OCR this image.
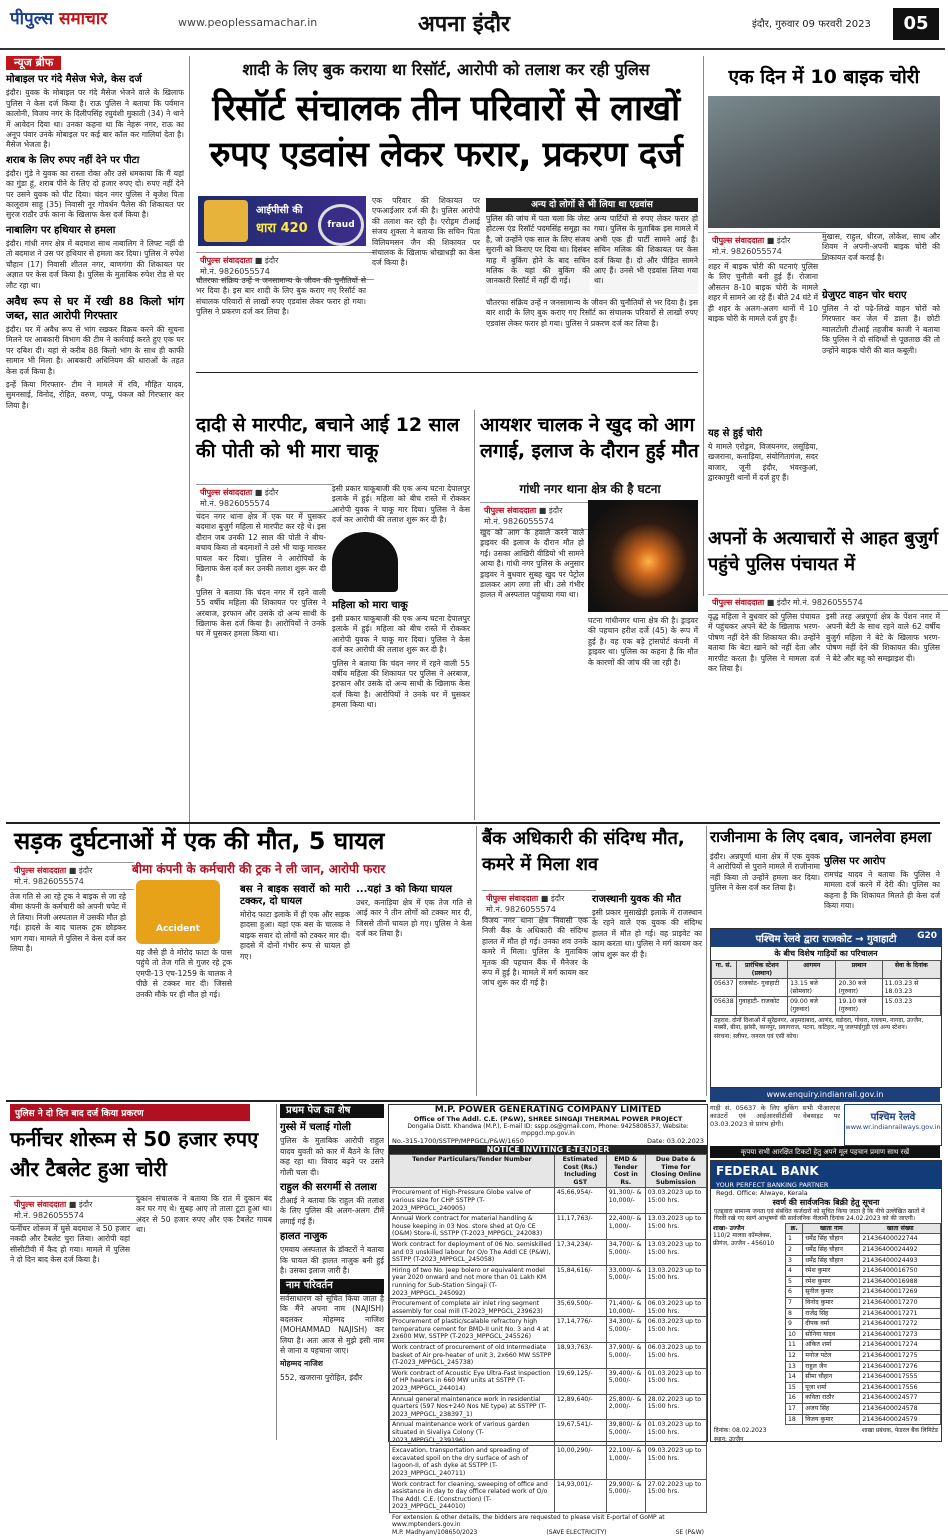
पीपुल्स समाचार	www.peoplessamachar.in	अपना इंदौर	इंदौर, गुरुवार 09 फरवरी 2023	05
न्यूज ब्रीफ
मोबाइल पर गंदे मैसेज भेजे, केस दर्ज

इंदौर। युवक के मोबाइल पर गंदे मैसेज भेजने वाले के खिलाफ पुलिस ने केस दर्ज किया है। राऊ पुलिस ने बताया कि पर्वमान कालोनी, विजय नगर के दिलीपसिंह रघुवंशी मुकाती (34) ने थाने में आवेदन दिया था। उनका कहना था कि नेहरू नगर, राऊ का अनूप पंवार उनके मोबाइल पर कई बार कॉल कर गालियां देता है। मैसेज भेजता है।

शराब के लिए रुपए नहीं देने पर पीटा

इंदौर। गुंडे ने युवक का रास्ता रोका और उसे धमकाया कि मैं यहां का गुंडा हूं, शराब पीने के लिए दो हजार रुपए दो। रुपए नहीं देने पर उसने युवक को पीट दिया। चंदन नगर पुलिस ने बृजेश पिता कालूराम साहू (35) निवासी नूर गोवर्धन पैलेस की शिकायत पर सुरज राठौर उर्फ काना के खिलाफ केस दर्ज किया है।

नाबालिग पर हथियार से हमला

इंदौर। गांधी नगर क्षेत्र में बदमाश साथ नाबालिग ने लिफ्ट नहीं दी तो बदमाश ने उस पर हथियार से हमला कर दिया। पुलिस ने रुपेश चौहान (17) निवासी शीतल नगर, बाणगंगा की शिकायत पर अज्ञात पर केस दर्ज किया है। पुलिस के मुताबिक रुपेश रोड से घर लौट रहा था।

अवैध रूप से घर में रखी 88 किलो भांग जब्त, सात आरोपी गिरफ्तार

इंदौर। घर में अवैध रूप से भांग रखकर विक्रय करने की सूचना मिलने पर आबकारी विभाग की टीम ने कार्रवाई करते हुए एक घर पर दबिश दी। यहां से करीब 88 किलो भांग के साथ ही काफी सामान भी मिला है। आबकारी अधिनियम की धाराओं के तहत केस दर्ज किया है।

इन्हें किया गिरफ्तार- टीम ने मामले में रवि, मौहित यादव, सुमनसाई, विनोद, रोहित, वरुण, पप्पू, पंकज को गिरफ्तार कर लिया है।

शादी के लिए बुक कराया था रिसॉर्ट, आरोपी को तलाश कर रही पुलिस
रिसॉर्ट संचालक तीन परिवारों से लाखों रुपए एडवांस लेकर फरार, प्रकरण दर्ज
आईपीसी की
धारा 420	fraud
पीपुल्स संवाददाता ■ इंदौर
मो.नं. 9826055574
चौतरफा संक्रिय उन्हें न जनसामान्य के जीवन की चुनौतियों से भर दिया है। इस बार शादी के लिए बुक कराए गए रिसॉर्ट का संचालक परिवारों से लाखों रुपए एडवांस लेकर फरार हो गया। पुलिस ने प्रकरण दर्ज कर लिया है।
एक परिवार की शिकायत पर एफआईआर दर्ज की है। पुलिस आरोपी की तलाश कर रही है। एरोड्रम टीआई संजय शुक्ला ने बताया कि सचिन पिता विलियमसन जैन की शिकायत पर संचालक के खिलाफ धोखाधड़ी का केस दर्ज किया है।
अन्य दो लोगों से भी लिया था एडवांस
पुलिस की जांच में पता चला कि जेस्ट होटल्स एंड रिसॉर्ट पदमसिंह समूहा का है, जो उन्होंने एक साल के लिए संजय सुरानी को किराए पर दिया था। दिसंबर माह में बुकिंग होने के बाद सचिन मलिक के यहां की बुकिंग की जानकारी रिसॉर्ट में नहीं दी गई।
अन्य पार्टियों से रुपए लेकर फरार हो गया। पुलिस के मुताबिक इस मामले में अभी एक ही पार्टी सामने आई है। सचिन मलिक की शिकायत पर केस दर्ज किया है। दो और पीड़ित सामने आए हैं। उनसे भी एडवांस लिया गया था।
चौतरफा संक्रिय उन्हें न जनसामान्य के जीवन की चुनौतियों से भर दिया है। इस बार शादी के लिए बुक कराए गए रिसॉर्ट का संचालक परिवारों से लाखों रुपए एडवांस लेकर फरार हो गया। पुलिस ने प्रकरण दर्ज कर लिया है।
एक दिन में 10 बाइक चोरी
पीपुल्स संवाददाता ■ इंदौर
मो.नं. 9826055574
शहर में बाइक चोरी की घटनाएं पुलिस के लिए चुनौती बनी हुई हैं। रोजाना औसतन 8-10 बाइक चोरी के मामले शहर में सामने आ रहे हैं। बीते 24 घंटे में ही शहर के अलग-अलग थानों में 10 बाइक चोरी के मामले दर्ज हुए हैं।
मुखास, राहुल, धीरज, लोकेश, साथ और शिवम ने अपनी-अपनी बाइक चोरी की शिकायत दर्ज कराई है।
ग्रेजुएट वाहन चोर धराए

पुलिस ने दो पढ़े-लिखे वाहन चोरों को गिरफ्तार कर जेल में डाला है। छोटी ग्वालटोली टीआई तहजीब काजी ने बताया कि पुलिस ने दो संदिग्धों से पूछताछ की तो उन्होंने बाइक चोरी की बात कबूली।

यह से हुई चोरी

ये मामले एरोड्रम, विजयनगर, लसूड़िया, खजराना, कनाड़िया, संयोगितागंज, सदर बाजार, जूनी इंदौर, भंवरकुआं, द्वारकापुरी थानों में दर्ज हुए हैं।

दादी से मारपीट, बचाने आई 12 साल की पोती को भी मारा चाकू
पीपुल्स संवाददाता ■ इंदौर
मो.नं. 9826055574

चंदन नगर थाना क्षेत्र में एक घर में घुसकर बदमाश बुजुर्ग महिला से मारपीट कर रहे थे। इस दौरान जब उनकी 12 साल की पोती ने बीच-बचाव किया तो बदमाशों ने उसे भी चाकू मारकर घायल कर दिया। पुलिस ने आरोपियों के खिलाफ केस दर्ज कर उनकी तलाश शुरू कर दी है।

पुलिस ने बताया कि चंदन नगर में रहने वाली 55 वर्षीय महिला की शिकायत पर पुलिस ने अरबाज, इरफान और उसके दो अन्य साथी के खिलाफ केस दर्ज किया है। आरोपियों ने उनके घर में घुसकर हमला किया था।

इसी प्रकार चाकूबाजी की एक अन्य घटना देपालपुर इलाके में हुई। महिला को बीच रास्ते में रोककर आरोपी युवक ने चाकू मार दिया। पुलिस ने केस दर्ज कर आरोपी की तलाश शुरू कर दी है।
महिला को मारा चाकू

इसी प्रकार चाकूबाजी की एक अन्य घटना देपालपुर इलाके में हुई। महिला को बीच रास्ते में रोककर आरोपी युवक ने चाकू मार दिया। पुलिस ने केस दर्ज कर आरोपी की तलाश शुरू कर दी है।

पुलिस ने बताया कि चंदन नगर में रहने वाली 55 वर्षीय महिला की शिकायत पर पुलिस ने अरबाज, इरफान और उसके दो अन्य साथी के खिलाफ केस दर्ज किया है। आरोपियों ने उनके घर में घुसकर हमला किया था।

आयशर चालक ने खुद को आग लगाई, इलाज के दौरान हुई मौत
गांधी नगर थाना क्षेत्र की है घटना
पीपुल्स संवाददाता ■ इंदौर
मो.नं. 9826055574
खुद को आग के हवाले करने वाले ड्राइवर की इलाज के दौरान मौत हो गई। उसका आखिरी वीडियो भी सामने आया है। गांधी नगर पुलिस के अनुसार ड्राइवर ने बुधवार सुबह खुद पर पेट्रोल डालकर आग लगा ली थी। उसे गंभीर हालत में अस्पताल पहुंचाया गया था।
घटना गांधीनगर थाना क्षेत्र की है। ड्राइवर की पहचान हरीश दर्जे (45) के रूप में हुई है। वह एक बड़े ट्रांसपोर्ट कंपनी में ड्राइवर था। पुलिस का कहना है कि मौत के कारणों की जांच की जा रही है।
अपनों के अत्याचारों से आहत बुजुर्ग पहुंचे पुलिस पंचायत में
पीपुल्स संवाददाता ■ इंदौर मो.नं. 9826055574
वृद्ध महिला ने बुधवार को पुलिस पंचायत में पहुंचकर अपने बेटे के खिलाफ भरण-पोषण नहीं देने की शिकायत की। उन्होंने बताया कि बेटा खाने को नहीं देता और मारपीट करता है। पुलिस ने मामला दर्ज कर लिया है।
इसी तरह अन्नपूर्णा क्षेत्र के पेंशन नगर में अपनी बेटी के साथ रहने वाले 62 वर्षीय बुजुर्ग महिला ने बेटे के खिलाफ भरण-पोषण नहीं देने की शिकायत की। पुलिस ने बेटे और बहू को समझाइश दी।
सड़क दुर्घटनाओं में एक की मौत, 5 घायल
बीमा कंपनी के कर्मचारी की ट्रक ने ली जान, आरोपी फरार
पीपुल्स संवाददाता ■ इंदौर
मो.नं. 9826055574
Accident
तेज गति से आ रहे ट्रक ने बाइक से जा रहे बीमा कंपनी के कर्मचारी को अपनी चपेट में ले लिया। निजी अस्पताल में उसकी मौत हो गई। हादसे के बाद चालक ट्रक छोड़कर भाग गया। मामले में पुलिस ने केस दर्ज कर लिया है।	यह जैसे ही वे मोरोद फाटा के पास पहुंचे तो तेज गति से गुजर रहे ट्रक एमपी-13 एच-1259 के चालक ने पीछे से टक्कर मार दी। जिससे उनकी मौके पर ही मौत हो गई।
बस ने बाइक सवारों को मारी टक्कर, दो घायल

मोरोद फाटा इलाके में ही एक और सड़क हादसा हुआ। यहां एक बस के चालक ने बाइक सवार दो लोगों को टक्कर मार दी। हादसे में दोनों गंभीर रूप से घायल हो गए।

...यहां 3 को किया घायल

उधर, कनाड़िया क्षेत्र में एक तेज गति से आई कार ने तीन लोगों को टक्कर मार दी, जिससे तीनों घायल हो गए। पुलिस ने केस दर्ज कर लिया है।

बैंक अधिकारी की संदिग्ध मौत, कमरे में मिला शव
पीपुल्स संवाददाता ■ इंदौर
मो.नं. 9826055574
विजय नगर थाना क्षेत्र निवासी एक निजी बैंक के अधिकारी की संदिग्ध हालत में मौत हो गई। उनका शव उनके कमरे में मिला। पुलिस के मुताबिक मृतक की पहचान बैंक में मैनेजर के रूप में हुई है। मामले में मर्ग कायम कर जांच शुरू कर दी गई है।
राजस्थानी युवक की मौत

इसी प्रकार मुसाखेड़ी इलाके में राजस्थान के रहने वाले एक युवक की संदिग्ध हालत में मौत हो गई। वह प्राइवेट का काम करता था। पुलिस ने मर्ग कायम कर जांच शुरू कर दी है।

राजीनामा के लिए दबाव, जानलेवा हमला
इंदौर। अन्नपूर्णा थाना क्षेत्र में एक युवक ने आरोपियों से पुराने मामले में राजीनामा नहीं किया तो उन्होंने हमला कर दिया। पुलिस ने केस दर्ज कर लिया है।
पुलिस पर आरोप

रामचंद्र यादव ने बताया कि पुलिस ने मामला दर्ज करने में देरी की। पुलिस का कहना है कि शिकायत मिलते ही केस दर्ज किया गया।

पश्चिम रेलवे द्वारा राजकोट → गुवाहाटी	G20
के बीच विशेष गाड़ियों का परिचालन
गा. सं.	प्रारंभिक स्टेशन (प्रस्थान)	आगमन	प्रस्थान	सेवा के दिनांक
05637	राजकोट- गुवाहाटी	13.15 बजे (सोमवार)	20.30 बजे (गुरुवार)	11.03.23 से 18.03.23
05638	गुवाहाटी- राजकोट	09.00 बजे (गुरुवार)	19.10 बजे (गुरुवार)	15.03.23
ठहराव: दोनों दिशाओं में सुरेंद्रनगर, अहमदाबाद, आणंद, वडोदरा, गोधरा, रतलाम, नागदा, उज्जैन, मक्सी, बीना, झांसी, कानपुर, प्रयागराज, पटना, कटिहार, न्यू जलपाईगुड़ी एवं अन्य स्टेशन।
संरचना: स्लीपर, जनरल एवं एसी कोच।
www.enquiry.indianrail.gov.in
गाड़ी सं. 05637 के लिए बुकिंग सभी पीआरएस काउंटरों एवं आईआरसीटीसी वेबसाइट पर 03.03.2023 से प्रारंभ होगी।
पश्चिम रेलवे
www.wr.indianrailways.gov.in
कृपया सभी आरक्षित टिकटों हेतु अपने मूल पहचान प्रमाण साथ रखें
पुलिस ने दो दिन बाद दर्ज किया प्रकरण
फर्नीचर शोरूम से 50 हजार रुपए और टैबलेट हुआ चोरी
पीपुल्स संवाददाता ■ इंदौर
मो.नं. 9826055574
फर्नीचर शोरूम में घुसे बदमाश ने 50 हजार नकदी और टैबलेट चुरा लिया। आरोपी वहां सीसीटीवी में कैद हो गया। मामले में पुलिस ने दो दिन बाद केस दर्ज किया है।
दुकान संचालक ने बताया कि रात में दुकान बंद कर घर गए थे। सुबह आए तो ताला टूटा हुआ था। अंदर से 50 हजार रुपए और एक टैबलेट गायब था।
प्रथम पेज का शेष
गुस्से में चलाई गोली

पुलिस के मुताबिक आरोपी राहुल यादव युवती को कार में बैठने के लिए कह रहा था। विवाद बढ़ने पर उसने गोली चला दी।

राहुल की सरगर्मी से तलाश

टीआई ने बताया कि राहुल की तलाश के लिए पुलिस की अलग-अलग टीमें लगाई गई हैं।

हालत नाजुक

एमवाय अस्पताल के डॉक्टरों ने बताया कि घायल की हालत नाजुक बनी हुई है। उसका इलाज जारी है।

नाम परिवर्तन

सर्वसाधारण को सूचित किया जाता है कि मैंने अपना नाम (NAJISH) बदलकर मोहम्मद नाजिश (MOHAMMAD NAJISH) कर लिया है। अतः आज से मुझे इसी नाम से जाना व पहचाना जाए।

मोहम्मद नाजिश

552, खजराना पुरोहित, इंदौर

M.P. POWER GENERATING COMPANY LIMITED
Office of The Addl. C.E. (P&W), SHREE SINGAJI THERMAL POWER PROJECT
Dongalia Distt. Khandwa (M.P.), E-mail ID: sspp.os@gmail.com, Phone: 9425808537, Website: mppgcl.mp.gov.in
No.-315-1700/SSTPP/MPPGCL/P&W/1650	Date: 03.02.2023
NOTICE INVITING E-TENDER
Tender Particulars/Tender Number	Estimated Cost (Rs.) Including GST	EMD & Tender Cost in Rs.	Due Date & Time for Closing Online Submission
Procurement of High-Pressure Globe valve of various size for CHP SSTPP (T-2023_MPPGCL_240905)	45,66,954/-	91,300/- & 10,000/-	03.03.2023 up to 15:00 hrs.
Annual Work contract for material handling & house keeping in 03 Nos. store shed at O/o CE (O&M) Store-II, SSTPP (T-2023_MPPGCL_242083)	11,17,763/-	22,400/- & 1,000/-	13.03.2023 up to 15:00 hrs.
Work contract for deployment of 06 No. semiskilled and 03 unskilled labour for O/o The Addl CE (P&W), SSTPP (T-2023_MPPGCL_245058)	17,34,234/-	34,700/- & 5,000/-	13.03.2023 up to 15:00 hrs.
Hiring of two No. Jeep bolero or equivalent model year 2020 onward and not more than 01 Lakh KM running for Sub-Station Singaji (T-2023_MPPGCL_245092)	15,84,616/-	33,000/- & 5,000/-	13.03.2023 up to 15:00 hrs.
Procurement of complete air inlet ring segment assembly for coal mill (T-2023_MPPGCL_239623)	35,69,500/-	71,400/- & 10,000/-	06.03.2023 up to 15:00 hrs.
Procurement of plastic/scalable refractory high temperature cement for BMD-II unit No. 3 and 4 at 2x600 MW, SSTPP (T-2023_MPPGCL_245526)	17,14,776/-	34,300/- & 5,000/-	06.03.2023 up to 15:00 hrs.
Work contract of procurement of old Intermediate basket of Air pre-heater of unit 3, 2x660 MW SSTPP (T-2023_MPPGCL_245738)	18,93,763/-	37,900/- & 5,000/-	06.03.2023 up to 15:00 hrs.
Work contract of Acoustic Eye Ultra-Fast Inspection of HP heaters in 660 MW units at SSTPP (T-2023_MPPGCL_244014)	19,69,125/-	39,400/- & 5,000/-	01.03.2023 up to 15:00 hrs.
Annual general maintenance work in residential quarters (597 Nos+240 Nos NE type) at SSTPP (T-2023_MPPGCL_238397_1)	12,89,640/-	25,800/- & 2,000/-	28.02.2023 up to 15:00 hrs.
Annual maintenance work of various garden situated in Sivaliya Colony (T-2023_MPPGCL_239196)	19,67,541/-	39,800/- & 5,000/-	01.03.2023 up to 15:00 hrs.
Excavation, transportation and spreading of excavated spoil on the dry surface of ash of lagoon-II, of ash dyke at SSTPP (T-2023_MPPGCL_240711)	10,00,290/-	22,100/- & 1,000/-	09.03.2023 up to 15:00 hrs.
Work contract for cleaning, sweeping of office and assistance in day to day office related work of O/o The Addl. C.E. (Construction) (T-2023_MPPGCL_244010)	14,93,001/-	29,900/- & 5,000/-	27.02.2023 up to 15:00 hrs.
For extension & other details, the bidders are requested to please visit E-portal of GoMP at www.mptenders.gov.in
M.P. Madhyam/108650/2023	(SAVE ELECTRICITY)	SE (P&W)
FEDERAL BANK
YOUR PERFECT BANKING PARTNER
Regd. Office: Alwaye, Kerala
स्वर्ण की सार्वजनिक बिक्री हेतु सूचना
एतद्द्वारा सामान्य जनता एवं संबंधित कर्जदारों को सूचित किया जाता है कि नीचे उल्लेखित खातों में गिरवी रखे गए स्वर्ण आभूषणों की सार्वजनिक नीलामी दिनांक 24.02.2023 को की जाएगी।
शाखा- उज्जैन
110/2 मालवा कॉम्प्लेक्स, फ्रीगंज, उज्जैन - 456010
क्र.	खाता नाम	खाता संख्या
1	धर्मेंद्र सिंह चौहान	21436400022744
2	धर्मेंद्र सिंह चौहान	21436400024492
3	धर्मेंद्र सिंह चौहान	21436400024493
4	रमेश कुमार	21436400016750
5	रमेश कुमार	21436400016988
6	सुनील कुमार	21436400017269
7	विनोद कुमार	21436400017270
8	राजेंद्र सिंह	21436400017271
9	दीपक वर्मा	21436400017272
10	सोनिया यादव	21436400017273
11	अंकित शर्मा	21436400017274
12	मनोज पटेल	21436400017275
13	राहुल जैन	21436400017276
14	सीमा चौहान	21436400017555
15	पूजा शर्मा	21436400017556
16	कविता राठौर	21436400024577
17	अजय सिंह	21436400024578
18	विजय कुमार	21436400024579
दिनांक: 08.02.2023	शाखा प्रबंधक, फेडरल बैंक लिमिटेड
स्थान: उज्जैन
